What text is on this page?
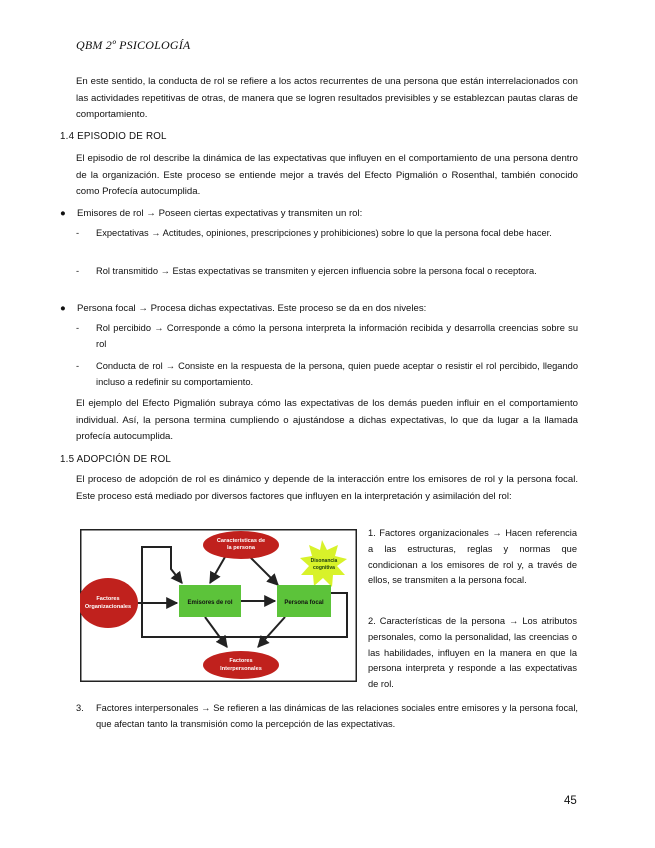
QBM 2º PSICOLOGÍA
En este sentido, la conducta de rol se refiere a los actos recurrentes de una persona que están interrelacionados con las actividades repetitivas de otras, de manera que se logren resultados previsibles y se establezcan pautas claras de comportamiento.
1.4 EPISODIO DE ROL
El episodio de rol describe la dinámica de las expectativas que influyen en el comportamiento de una persona dentro de la organización. Este proceso se entiende mejor a través del Efecto Pigmalión o Rosenthal, también conocido como Profecía autocumplida.
● Emisores de rol → Poseen ciertas expectativas y transmiten un rol:
- Expectativas → Actitudes, opiniones, prescripciones y prohibiciones) sobre lo que la persona focal debe hacer.
- Rol transmitido → Estas expectativas se transmiten y ejercen influencia sobre la persona focal o receptora.
● Persona focal → Procesa dichas expectativas. Este proceso se da en dos niveles:
- Rol percibido → Corresponde a cómo la persona interpreta la información recibida y desarrolla creencias sobre su rol
- Conducta de rol → Consiste en la respuesta de la persona, quien puede aceptar o resistir el rol percibido, llegando incluso a redefinir su comportamiento.
El ejemplo del Efecto Pigmalión subraya cómo las expectativas de los demás pueden influir en el comportamiento individual. Así, la persona termina cumpliendo o ajustándose a dichas expectativas, lo que da lugar a la llamada profecía autocumplida.
1.5 ADOPCIÓN DE ROL
El proceso de adopción de rol es dinámico y depende de la interacción entre los emisores de rol y la persona focal. Este proceso está mediado por diversos factores que influyen en la interpretación y asimilación del rol:
Características de
la persona
Disonancia
cognitiva
Factores
Organizacionales
Emisores de rol	Persona focal
Factores
Interpersonales
1. Factores organizacionales → Hacen referencia a las estructuras, reglas y normas que condicionan a los emisores de rol y, a través de ellos, se transmiten a la persona focal.
2. Características de la persona → Los atributos personales, como la personalidad, las creencias o las habilidades, influyen en la manera en que la persona interpreta y responde a las expectativas de rol.
3. Factores interpersonales → Se refieren a las dinámicas de las relaciones sociales entre emisores y la persona focal, que afectan tanto la transmisión como la percepción de las expectativas.
45
